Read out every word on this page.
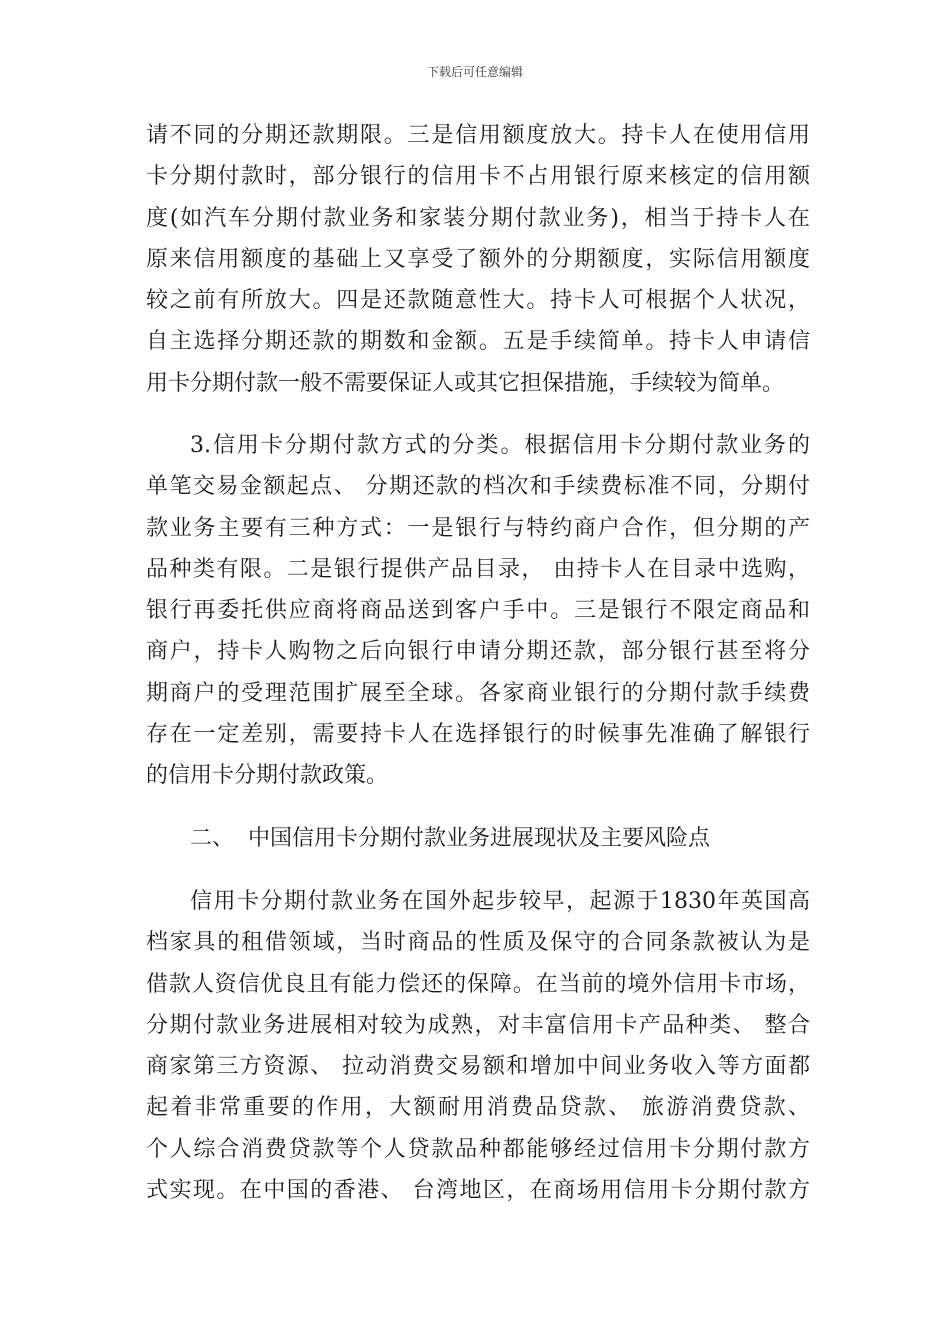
下载后可任意编辑
请不同的分期还款期限。三是信用额度放大。持卡人在使用信用
卡分期付款时，部分银行的信用卡不占用银行原来核定的信用额
度(如汽车分期付款业务和家装分期付款业务)，相当于持卡人在
原来信用额度的基础上又享受了额外的分期额度，实际信用额度
较之前有所放大。四是还款随意性大。持卡人可根据个人状况，
自主选择分期还款的期数和金额。五是手续简单。持卡人申请信
用卡分期付款一般不需要保证人或其它担保措施，手续较为简单。
3.信用卡分期付款方式的分类。根据信用卡分期付款业务的
单笔交易金额起点、 分期还款的档次和手续费标准不同，分期付
款业务主要有三种方式：一是银行与特约商户合作，但分期的产
品种类有限。二是银行提供产品目录， 由持卡人在目录中选购，
银行再委托供应商将商品送到客户手中。三是银行不限定商品和
商户，持卡人购物之后向银行申请分期还款，部分银行甚至将分
期商户的受理范围扩展至全球。各家商业银行的分期付款手续费
存在一定差别，需要持卡人在选择银行的时候事先准确了解银行
的信用卡分期付款政策。
二、  中国信用卡分期付款业务进展现状及主要风险点
信用卡分期付款业务在国外起步较早，起源于1830年英国高
档家具的租借领域，当时商品的性质及保守的合同条款被认为是
借款人资信优良且有能力偿还的保障。在当前的境外信用卡市场，
分期付款业务进展相对较为成熟，对丰富信用卡产品种类、 整合
商家第三方资源、 拉动消费交易额和增加中间业务收入等方面都
起着非常重要的作用，大额耐用消费品贷款、 旅游消费贷款、
个人综合消费贷款等个人贷款品种都能够经过信用卡分期付款方
式实现。在中国的香港、 台湾地区，在商场用信用卡分期付款方
